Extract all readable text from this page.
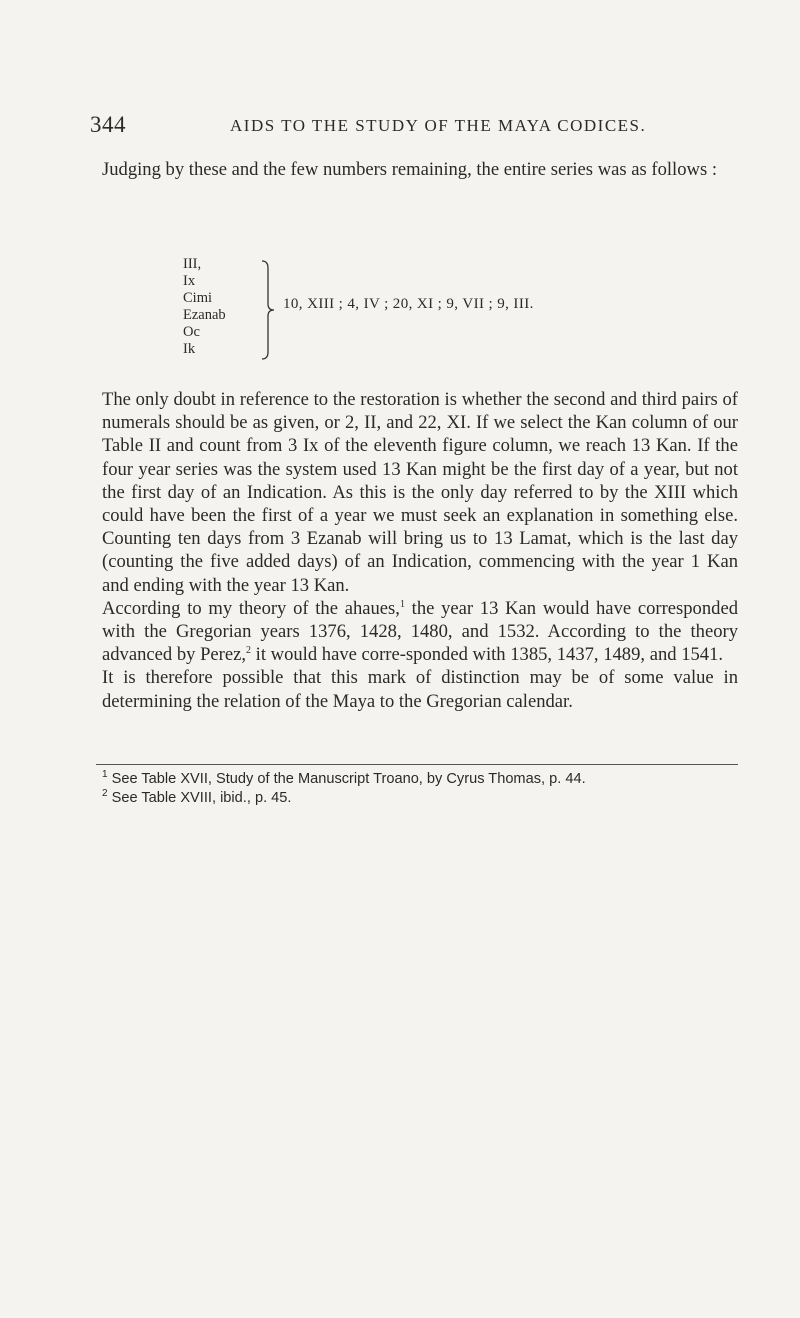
344	AIDS TO THE STUDY OF THE MAYA CODICES.

Judging by these and the few numbers remaining, the entire series was as follows :

III,
Ix
Cimi
Ezanab
Oc
Ik
10, XIII ; 4, IV ; 20, XI ; 9, VII ; 9, III.

The only doubt in reference to the restoration is whether the second and third pairs of numerals should be as given, or 2, II, and 22, XI. If we select the Kan column of our Table II and count from 3 Ix of the eleventh figure column, we reach 13 Kan. If the four year series was the system used 13 Kan might be the first day of a year, but not the first day of an Indication. As this is the only day referred to by the XIII which could have been the first of a year we must seek an explanation in something else. Counting ten days from 3 Ezanab will bring us to 13 Lamat, which is the last day (counting the five added days) of an Indication, commencing with the year 1 Kan and ending with the year 13 Kan.

According to my theory of the ahaues,$^1$ the year 13 Kan would have corresponded with the Gregorian years 1376, 1428, 1480, and 1532. According to the theory advanced by Perez,$^2$ it would have corre-sponded with 1385, 1437, 1489, and 1541.

It is therefore possible that this mark of distinction may be of some value in determining the relation of the Maya to the Gregorian calendar.

$^1$ See Table XVII, Study of the Manuscript Troano, by Cyrus Thomas, p. 44.

$^2$ See Table XVIII, ibid., p. 45.
